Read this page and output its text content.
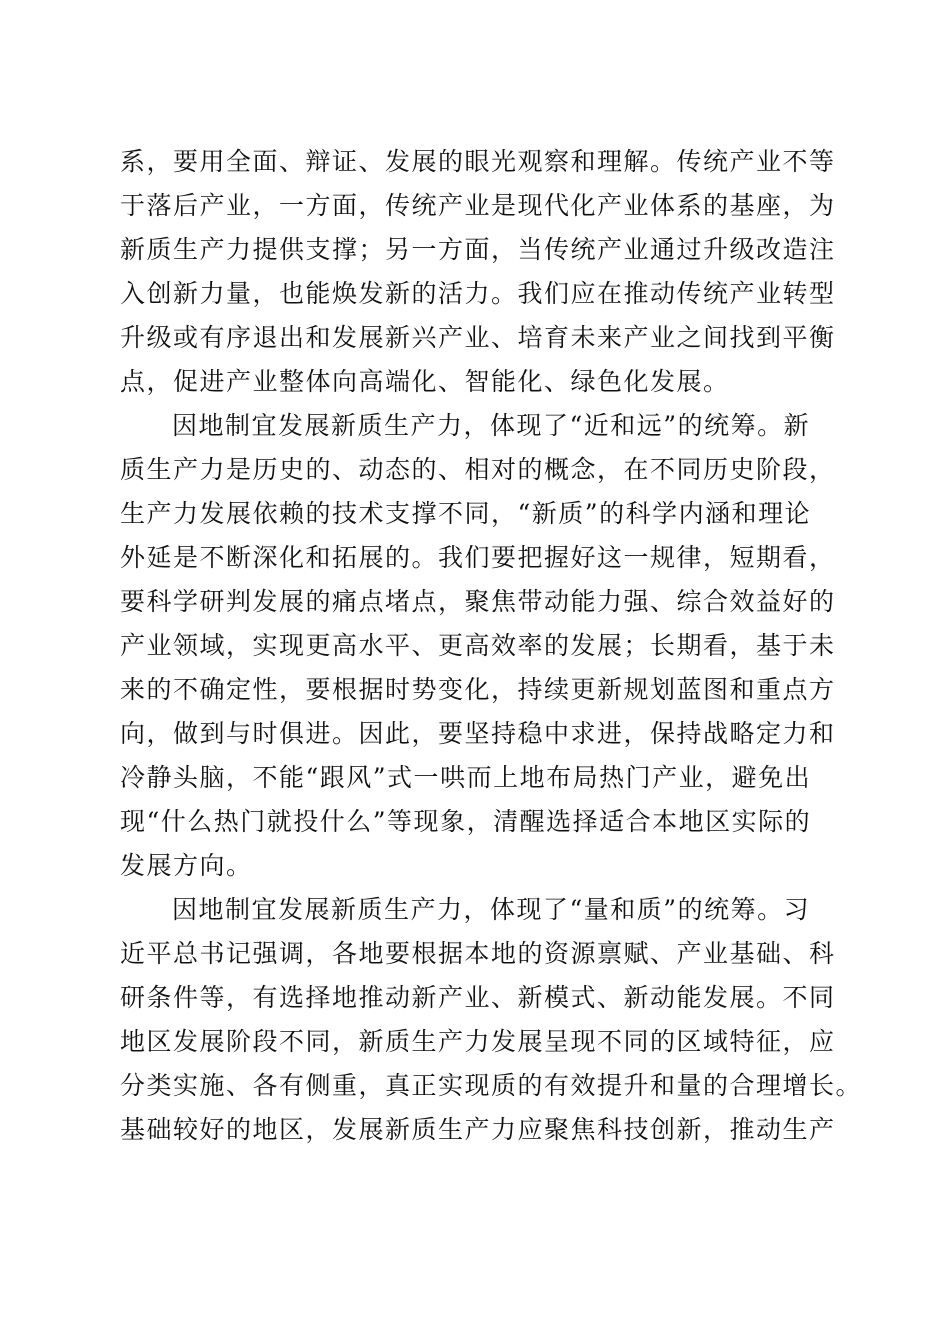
系，要用全面、辩证、发展的眼光观察和理解。传统产业不等
于落后产业，一方面，传统产业是现代化产业体系的基座，为
新质生产力提供支撑；另一方面，当传统产业通过升级改造注
入创新力量，也能焕发新的活力。我们应在推动传统产业转型
升级或有序退出和发展新兴产业、培育未来产业之间找到平衡
点，促进产业整体向高端化、智能化、绿色化发展。
因地制宜发展新质生产力，体现了“近和远”的统筹。新
质生产力是历史的、动态的、相对的概念，在不同历史阶段，
生产力发展依赖的技术支撑不同，“新质”的科学内涵和理论
外延是不断深化和拓展的。我们要把握好这一规律，短期看，
要科学研判发展的痛点堵点，聚焦带动能力强、综合效益好的
产业领域，实现更高水平、更高效率的发展；长期看，基于未
来的不确定性，要根据时势变化，持续更新规划蓝图和重点方
向，做到与时俱进。因此，要坚持稳中求进，保持战略定力和
冷静头脑，不能“跟风”式一哄而上地布局热门产业，避免出
现“什么热门就投什么”等现象，清醒选择适合本地区实际的
发展方向。
因地制宜发展新质生产力，体现了“量和质”的统筹。习
近平总书记强调，各地要根据本地的资源禀赋、产业基础、科
研条件等，有选择地推动新产业、新模式、新动能发展。不同
地区发展阶段不同，新质生产力发展呈现不同的区域特征，应
分类实施、各有侧重，真正实现质的有效提升和量的合理增长。
基础较好的地区，发展新质生产力应聚焦科技创新，推动生产
